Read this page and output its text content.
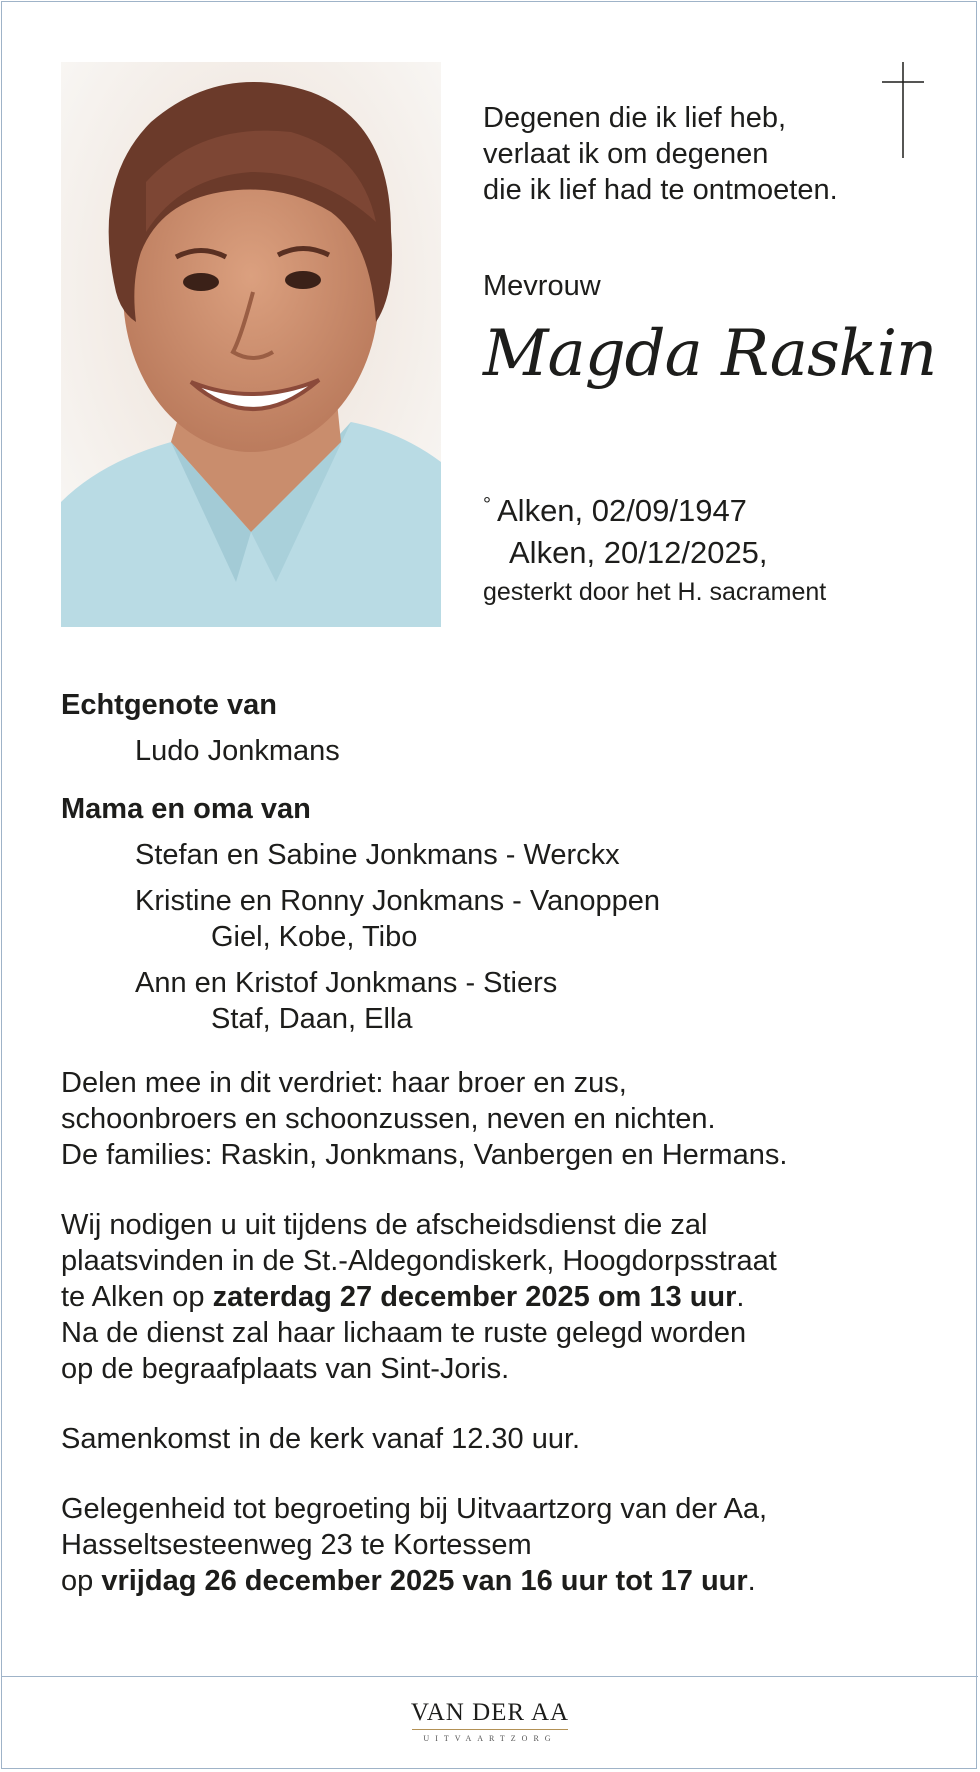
Degenen die ik lief heb,
verlaat ik om degenen
die ik lief had te ontmoeten.
Mevrouw
Magda Raskin
° Alken, 02/09/1947
Alken, 20/12/2025,
gesterkt door het H. sacrament
Echtgenote van
Ludo Jonkmans
Mama en oma van
Stefan en Sabine Jonkmans - Werckx
Kristine en Ronny Jonkmans - Vanoppen
Giel, Kobe, Tibo
Ann en Kristof Jonkmans - Stiers
Staf, Daan, Ella
Delen mee in dit verdriet: haar broer en zus,
schoonbroers en schoonzussen, neven en nichten.
De families: Raskin, Jonkmans, Vanbergen en Hermans.
Wij nodigen u uit tijdens de afscheidsdienst die zal
plaatsvinden in de St.-Aldegondiskerk, Hoogdorpsstraat
te Alken op zaterdag 27 december 2025 om 13 uur.
Na de dienst zal haar lichaam te ruste gelegd worden
op de begraafplaats van Sint-Joris.
Samenkomst in de kerk vanaf 12.30 uur.
Gelegenheid tot begroeting bij Uitvaartzorg van der Aa,
Hasseltsesteenweg 23 te Kortessem
op vrijdag 26 december 2025 van 16 uur tot 17 uur.
VAN DER AA
UITVAARTZORG
